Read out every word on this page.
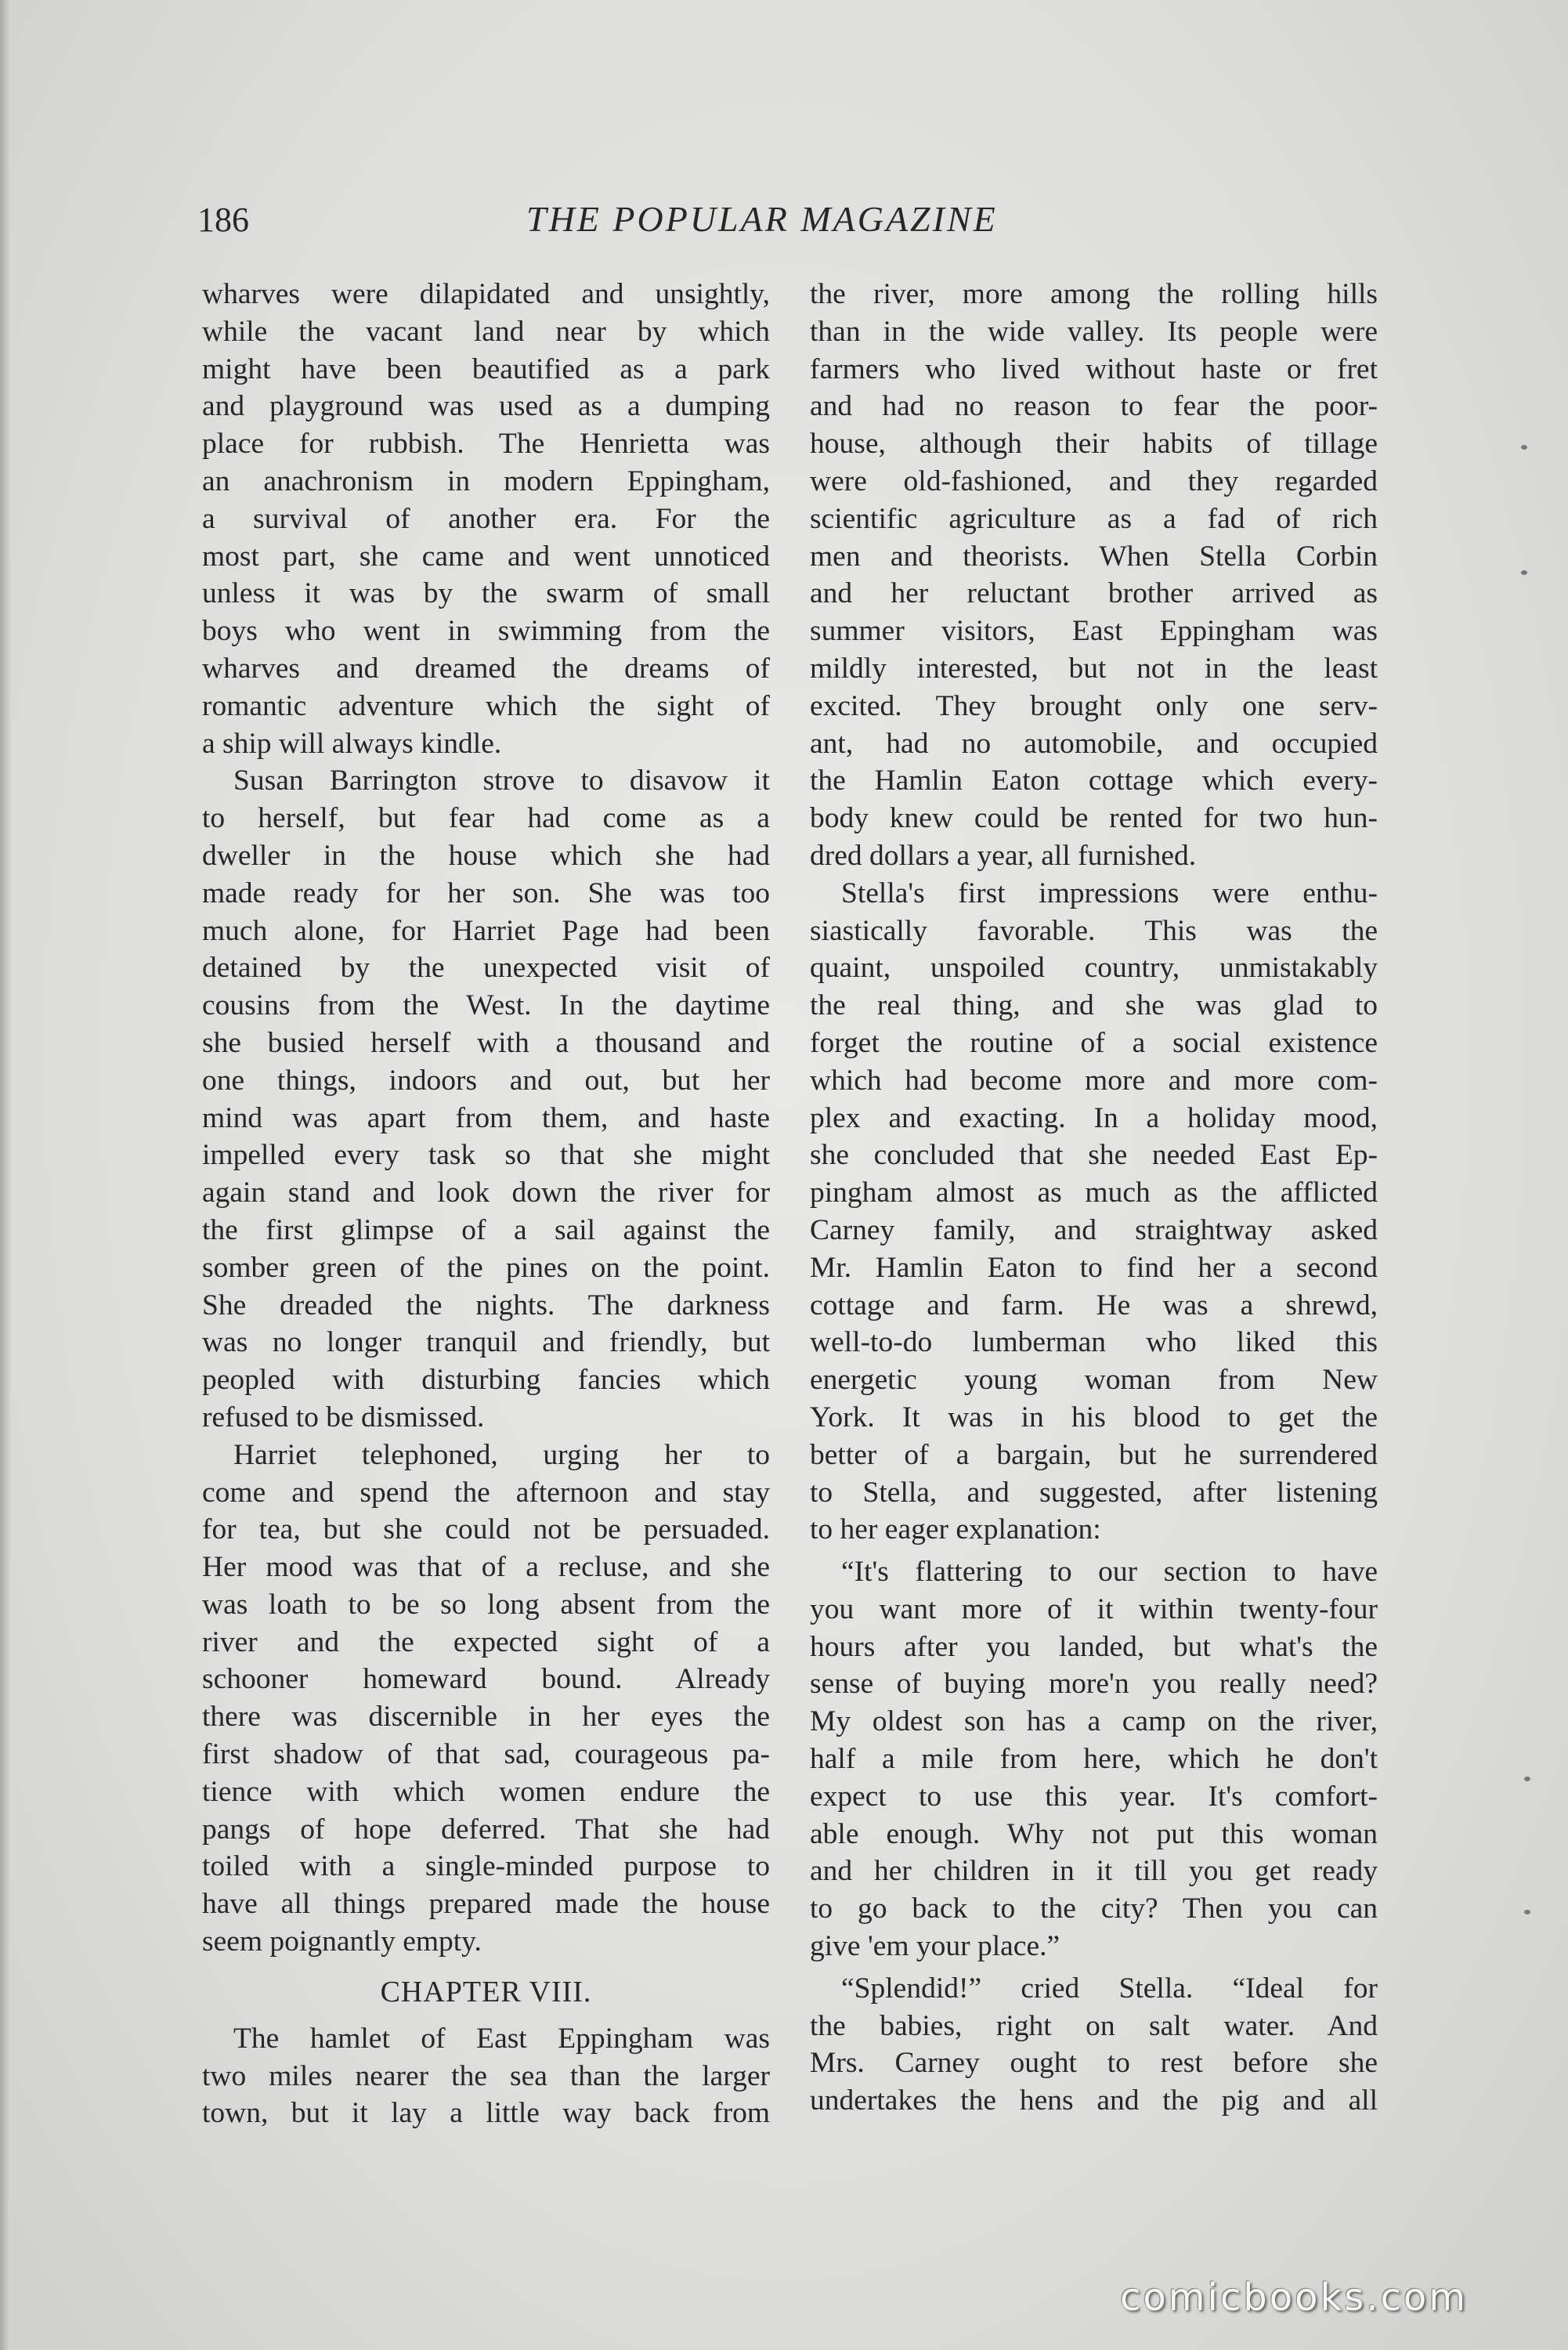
186	THE POPULAR MAGAZINE
wharves were dilapidated and unsightly,
while the vacant land near by which
might have been beautified as a park
and playground was used as a dumping
place for rubbish. The Henrietta was
an anachronism in modern Eppingham,
a survival of another era. For the
most part, she came and went unnoticed
unless it was by the swarm of small
boys who went in swimming from the
wharves and dreamed the dreams of
romantic adventure which the sight of
a ship will always kindle.
Susan Barrington strove to disavow it
to herself, but fear had come as a
dweller in the house which she had
made ready for her son. She was too
much alone, for Harriet Page had been
detained by the unexpected visit of
cousins from the West. In the daytime
she busied herself with a thousand and
one things, indoors and out, but her
mind was apart from them, and haste
impelled every task so that she might
again stand and look down the river for
the first glimpse of a sail against the
somber green of the pines on the point.
She dreaded the nights. The darkness
was no longer tranquil and friendly, but
peopled with disturbing fancies which
refused to be dismissed.
Harriet telephoned, urging her to
come and spend the afternoon and stay
for tea, but she could not be persuaded.
Her mood was that of a recluse, and she
was loath to be so long absent from the
river and the expected sight of a
schooner homeward bound. Already
there was discernible in her eyes the
first shadow of that sad, courageous pa-
tience with which women endure the
pangs of hope deferred. That she had
toiled with a single-minded purpose to
have all things prepared made the house
seem poignantly empty.
CHAPTER VIII.
The hamlet of East Eppingham was
two miles nearer the sea than the larger
town, but it lay a little way back from
the river, more among the rolling hills
than in the wide valley. Its people were
farmers who lived without haste or fret
and had no reason to fear the poor-
house, although their habits of tillage
were old-fashioned, and they regarded
scientific agriculture as a fad of rich
men and theorists. When Stella Corbin
and her reluctant brother arrived as
summer visitors, East Eppingham was
mildly interested, but not in the least
excited. They brought only one serv-
ant, had no automobile, and occupied
the Hamlin Eaton cottage which every-
body knew could be rented for two hun-
dred dollars a year, all furnished.
Stella's first impressions were enthu-
siastically favorable. This was the
quaint, unspoiled country, unmistakably
the real thing, and she was glad to
forget the routine of a social existence
which had become more and more com-
plex and exacting. In a holiday mood,
she concluded that she needed East Ep-
pingham almost as much as the afflicted
Carney family, and straightway asked
Mr. Hamlin Eaton to find her a second
cottage and farm. He was a shrewd,
well-to-do lumberman who liked this
energetic young woman from New
York. It was in his blood to get the
better of a bargain, but he surrendered
to Stella, and suggested, after listening
to her eager explanation:
“It's flattering to our section to have
you want more of it within twenty-four
hours after you landed, but what's the
sense of buying more'n you really need?
My oldest son has a camp on the river,
half a mile from here, which he don't
expect to use this year. It's comfort-
able enough. Why not put this woman
and her children in it till you get ready
to go back to the city? Then you can
give 'em your place.”
“Splendid!” cried Stella. “Ideal for
the babies, right on salt water. And
Mrs. Carney ought to rest before she
undertakes the hens and the pig and all
comicbooks.com
